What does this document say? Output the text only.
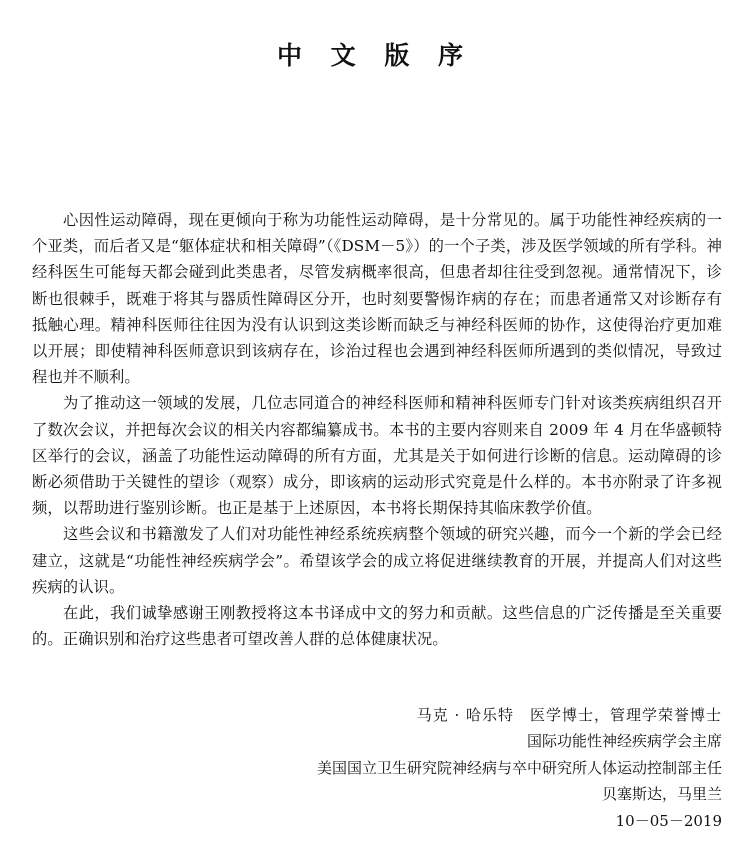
中 文 版 序

心因性运动障碍，现在更倾向于称为功能性运动障碍，是十分常见的。属于功能性神经疾病的一个亚类，而后者又是“躯体症状和相关障碍”（《DSM－5》）的一个子类，涉及医学领域的所有学科。神经科医生可能每天都会碰到此类患者，尽管发病概率很高，但患者却往往受到忽视。通常情况下，诊断也很棘手，既难于将其与器质性障碍区分开，也时刻要警惕诈病的存在；而患者通常又对诊断存有抵触心理。精神科医师往往因为没有认识到这类诊断而缺乏与神经科医师的协作，这使得治疗更加难以开展；即使精神科医师意识到该病存在，诊治过程也会遇到神经科医师所遇到的类似情况，导致过程也并不顺利。

为了推动这一领域的发展，几位志同道合的神经科医师和精神科医师专门针对该类疾病组织召开了数次会议，并把每次会议的相关内容都编纂成书。本书的主要内容则来自 2009 年 4 月在华盛顿特区举行的会议，涵盖了功能性运动障碍的所有方面，尤其是关于如何进行诊断的信息。运动障碍的诊断必须借助于关键性的望诊（观察）成分，即该病的运动形式究竟是什么样的。本书亦附录了许多视频，以帮助进行鉴别诊断。也正是基于上述原因，本书将长期保持其临床教学价值。

这些会议和书籍激发了人们对功能性神经系统疾病整个领域的研究兴趣，而今一个新的学会已经建立，这就是“功能性神经疾病学会”。希望该学会的成立将促进继续教育的开展，并提高人们对这些疾病的认识。

在此，我们诚挚感谢王刚教授将这本书译成中文的努力和贡献。这些信息的广泛传播是至关重要的。正确识别和治疗这些患者可望改善人群的总体健康状况。

马克 · 哈乐特　医学博士，管理学荣誉博士
国际功能性神经疾病学会主席
美国国立卫生研究院神经病与卒中研究所人体运动控制部主任
贝塞斯达，马里兰
10－05－2019
